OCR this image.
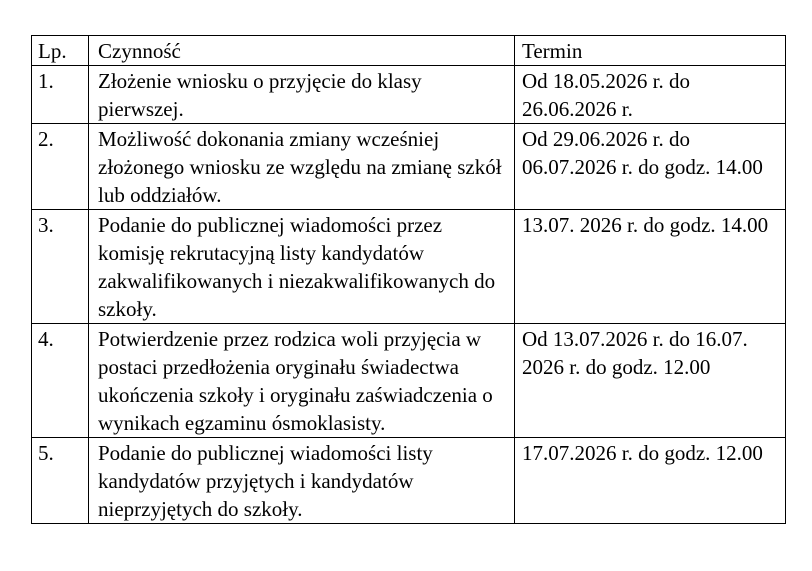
Lp.	Czynność	Termin
1.	Złożenie wniosku o przyjęcie do klasy pierwszej.	Od 18.05.2026 r. do 26.06.2026 r.
2.	Możliwość dokonania zmiany wcześniej złożonego wniosku ze względu na zmianę szkół lub oddziałów.	Od 29.06.2026 r. do 06.07.2026 r. do godz. 14.00
3.	Podanie do publicznej wiadomości przez komisję rekrutacyjną listy kandydatów zakwalifikowanych i niezakwalifikowanych do szkoły.	13.07. 2026 r. do godz. 14.00
4.	Potwierdzenie przez rodzica woli przyjęcia w postaci przedłożenia oryginału świadectwa ukończenia szkoły i oryginału zaświadczenia o wynikach egzaminu ósmoklasisty.	Od 13.07.2026 r. do 16.07. 2026 r. do godz. 12.00
5.	Podanie do publicznej wiadomości listy kandydatów przyjętych i kandydatów nieprzyjętych do szkoły.	17.07.2026 r. do godz. 12.00
